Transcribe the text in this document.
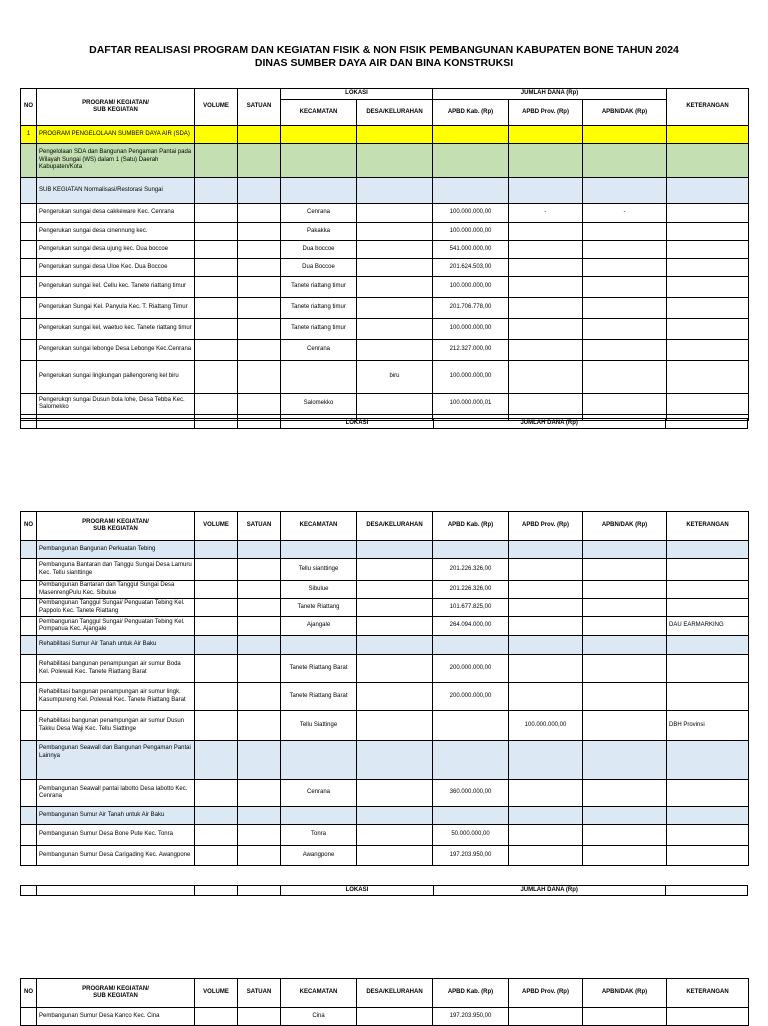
DAFTAR REALISASI PROGRAM DAN KEGIATAN FISIK & NON FISIK PEMBANGUNAN KABUPATEN BONE TAHUN 2024
DINAS SUMBER DAYA AIR DAN BINA KONSTRUKSI
NO	PROGRAM/ KEGIATAN/
SUB KEGIATAN	VOLUME	SATUAN	LOKASI		JUMLAH DANA (Rp)			KETERANGAN
				KECAMATAN	DESA/KELURAHAN	APBD Kab. (Rp)	APBD Prov. (Rp)	APBN/DAK (Rp)	
1	PROGRAM PENGELOLAAN SUMBER DAYA AIR (SDA)								
	Pengelolaan SDA dan Bangunan Pengaman Pantai pada Wilayah Sungai (WS) dalam 1 (Satu) Daerah Kabupaten/Kota								
	SUB KEGIATAN Normalisasi/Restorasi Sungai								
	Pengerukan sungai desa cakkeware Kec. Cenrana			Cenrana		100.000.000,00	-	-	
	Pengerukan sungai desa cinennung kec.			Pakakka		100.000.000,00			
	Pengerukan sungai desa ujung kec. Dua boccoe			Dua boccoe		541.000.000,00			
	Pengerukan sungai desa Uloe Kec. Dua Boccoe			Dua Boccoe		201.624.503,00			
	Pengerukan sungai kel. Cellu kec. Tanete riattang timur			Tanete riattang timur		100.000.000,00			
	Pengerukan Sungai Kel. Panyula Kec. T. Riattang Timur			Tanete riattang timur		201.706.778,00			
	Pengerukan sungai kel, waetuo kec. Tanete riattang timur			Tanete riattang timur		100.000.000,00			
	Pengerukan sungai lebonge Desa Lebonge Kec.Cenrana			Cenrana		212.327.000,00			
	Pengerukan sungai lingkungan pallengoreng kel biru				biru	100.000.000,00			
	Pengerukqn sungai Dusun bola lohe, Desa Tebba Kec. Salomekko			Salomekko		100.000.000,01			

				LOKASI	JUMLAH DANA (Rp)	
NO	PROGRAM/ KEGIATAN/
SUB KEGIATAN	VOLUME	SATUAN	KECAMATAN	DESA/KELURAHAN	APBD Kab. (Rp)	APBD Prov. (Rp)	APBN/DAK (Rp)	KETERANGAN
	Pembangunan Bangunan Perkuatan Tebing								
	Pembanguna Bantaran dan Tanggu Sungai Desa Lamuru Kec. Tellu sianttinge			Tellu sianttinge		201.226.326,00			
	Pembangunan Bantaran dan Tanggul Sungai Desa MasenrengPulu Kec. Sibulue			Sibulue		201.226.326,00			
	Pembangunan Tanggul Sungai/ Penguatan Tebing Kel. Pappolo Kec. Tanete Riattang			Tanete Riattang		101.677.825,00			
	Pembangunan Tanggul Sungai/ Penguatan Tebing Kel. Pompanua Kec. Ajangale			Ajangale		264.094.000,00			DAU EARMARKING
	Rehabilitasi Sumur Air Tanah untuk Air Baku								
	Rehabilitasi bangunan penampungan air sumur Boda Kel. Polewali Kec. Tanete Riattang Barat			Tanete Riattang Barat		200.000.000,00			
	Rehabilitasi bangunan penampungan air sumur lingk. Kasumpureng Kel. Polewali Kec. Tanete Riattang Barat			Tanete Riattang Barat		200.000.000,00			
	Rehabilitasi bangunan penampungan air sumur Dusun Takku Desa Waji Kec. Tellu Siattinge			Tellu Siattinge			100.000.000,00		DBH Provinsi
	Pembangunan Seawall dan Bangunan Pengaman Pantai Lainnya								
	Pembangunan Seawall pantai labotto Desa labotto Kec. Cenrana			Cenrana		360.000.000,00			
	Pembangunan Sumur Air Tanah untuk Air Baku								
	Pembangunan Sumur Desa Bone Pute Kec. Tonra			Tonra		50.000.000,00			
	Pembangunan Sumur Desa Carigading Kec. Awangpone			Awangpone		197.203.950,00			
				LOKASI	JUMLAH DANA (Rp)	
NO	PROGRAM/ KEGIATAN/
SUB KEGIATAN	VOLUME	SATUAN	KECAMATAN	DESA/KELURAHAN	APBD Kab. (Rp)	APBD Prov. (Rp)	APBN/DAK (Rp)	KETERANGAN
	Pembangunan Sumur Desa Kanco Kec. Cina			Cina		197.203.950,00			
